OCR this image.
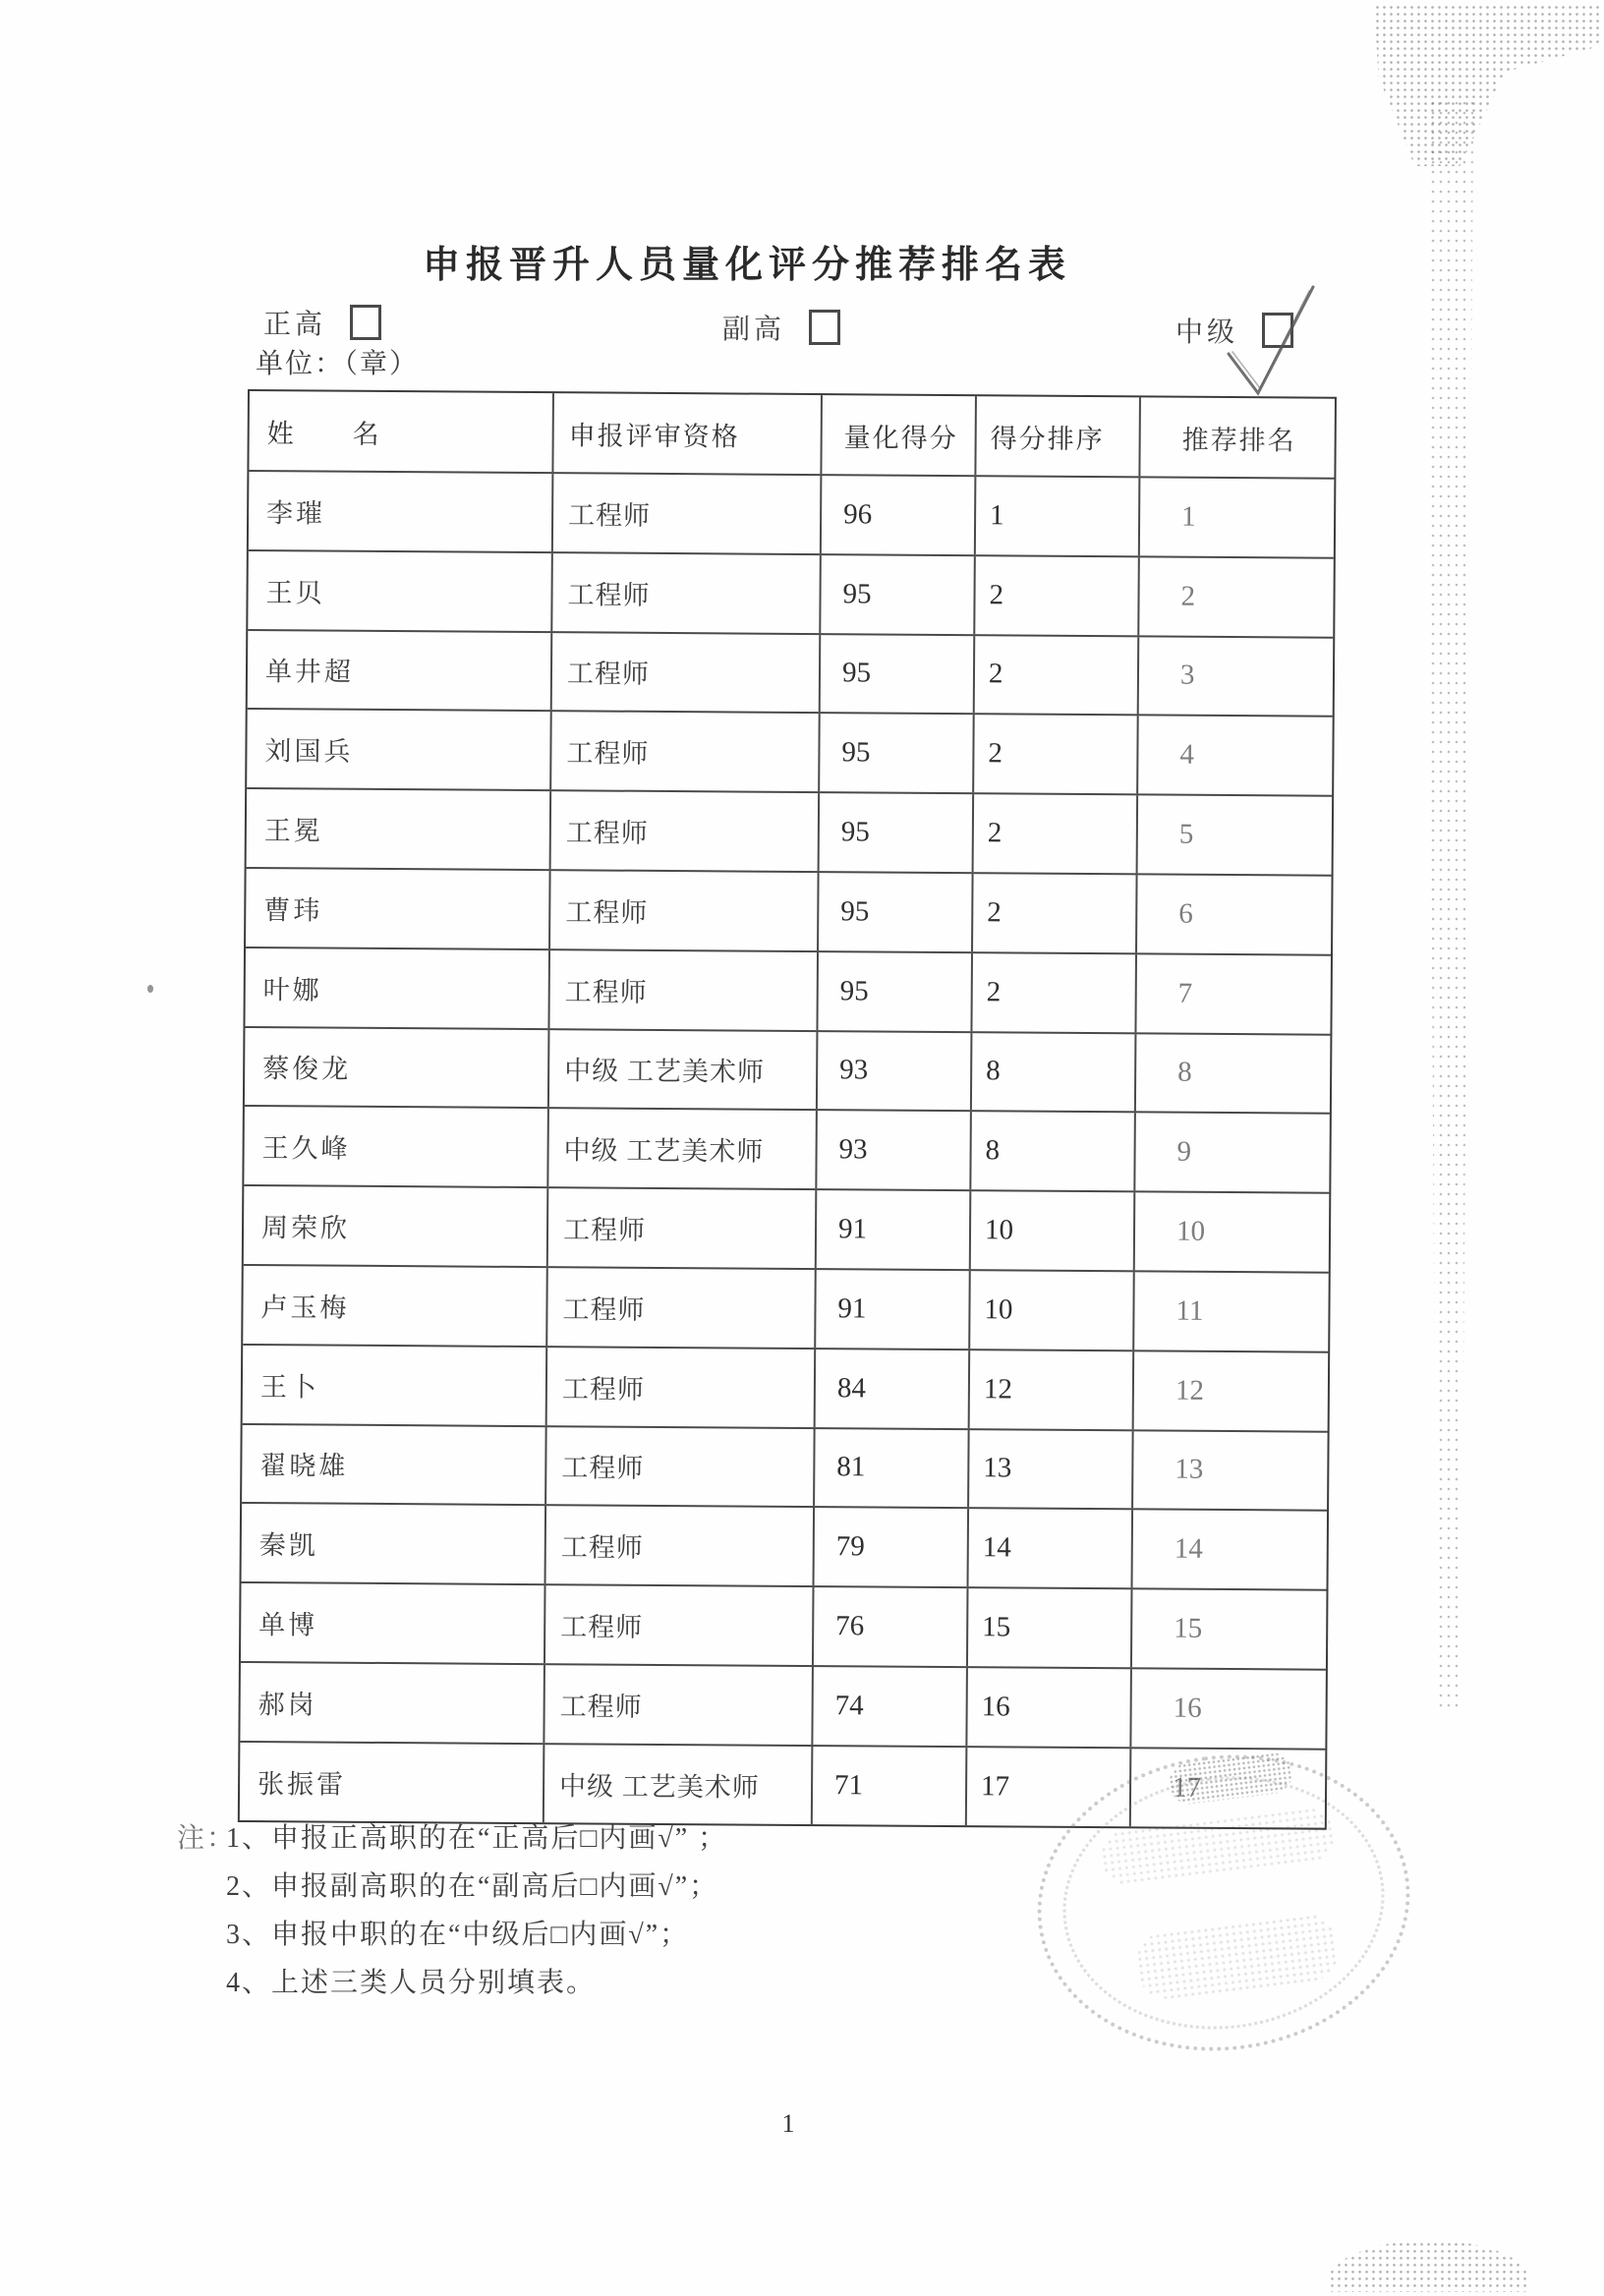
申报晋升人员量化评分推荐排名表
正高	副高	中级
单位：（章）
姓　　名	申报评审资格	量化得分	得分排序	推荐排名
李璀	工程师	96	1	1
王贝	工程师	95	2	2
单井超	工程师	95	2	3
刘国兵	工程师	95	2	4
王冕	工程师	95	2	5
曹玮	工程师	95	2	6
叶娜	工程师	95	2	7
蔡俊龙	中级 工艺美术师	93	8	8
王久峰	中级 工艺美术师	93	8	9
周荣欣	工程师	91	10	10
卢玉梅	工程师	91	10	11
王卜	工程师	84	12	12
翟晓雄	工程师	81	13	13
秦凯	工程师	79	14	14
单博	工程师	76	15	15
郝岗	工程师	74	16	16
张振雷	中级 工艺美术师	71	17	17
注：
1、申报正高职的在“正高后□内画√” ；
2、申报副高职的在“副高后□内画√”；
3、申报中职的在“中级后□内画√”；
4、上述三类人员分别填表。
1
